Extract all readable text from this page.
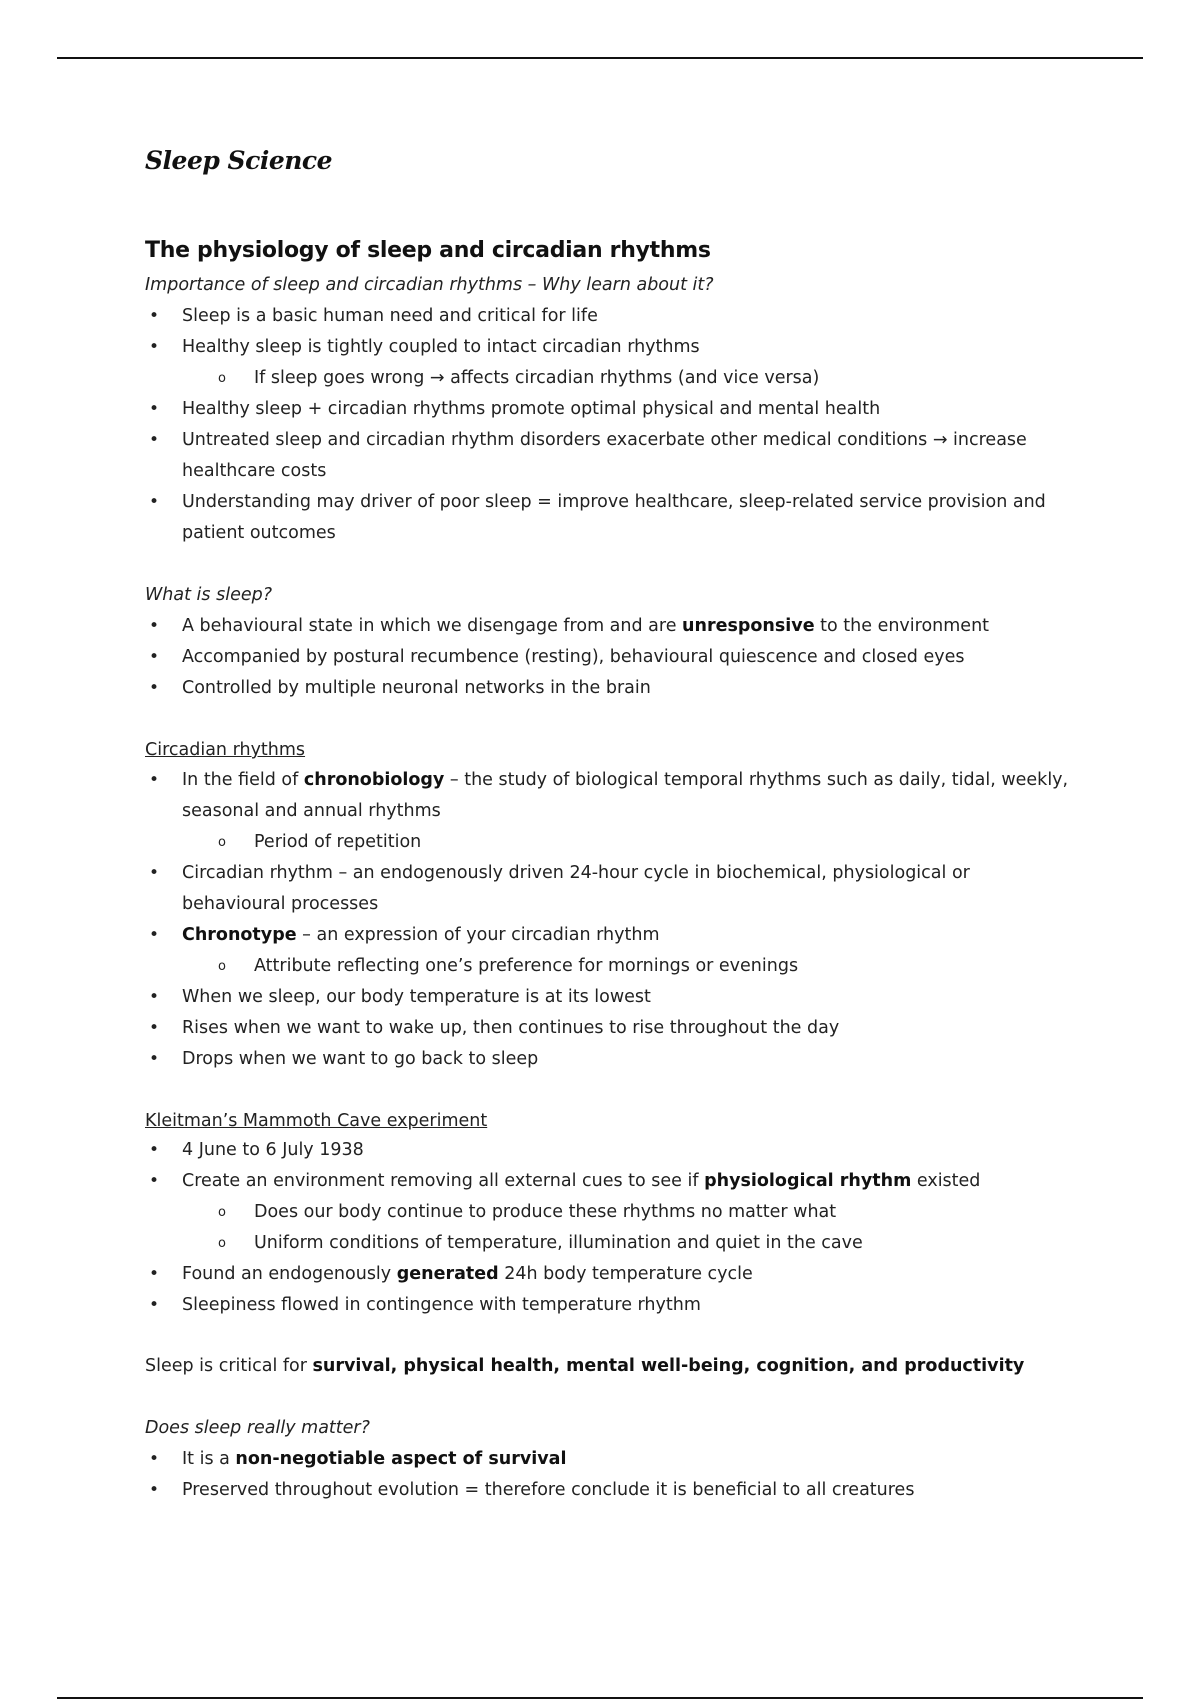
Sleep Science
The physiology of sleep and circadian rhythms
Importance of sleep and circadian rhythms – Why learn about it?
• Sleep is a basic human need and critical for life
• Healthy sleep is tightly coupled to intact circadian rhythms
o If sleep goes wrong → affects circadian rhythms (and vice versa)
• Healthy sleep + circadian rhythms promote optimal physical and mental health
• Untreated sleep and circadian rhythm disorders exacerbate other medical conditions → increase healthcare costs
• Understanding may driver of poor sleep = improve healthcare, sleep-related service provision and patient outcomes
What is sleep?
• A behavioural state in which we disengage from and are unresponsive to the environment
• Accompanied by postural recumbence (resting), behavioural quiescence and closed eyes
• Controlled by multiple neuronal networks in the brain
Circadian rhythms
• In the field of chronobiology – the study of biological temporal rhythms such as daily, tidal, weekly, seasonal and annual rhythms
o Period of repetition
• Circadian rhythm – an endogenously driven 24-hour cycle in biochemical, physiological or behavioural processes
• Chronotype – an expression of your circadian rhythm
o Attribute reflecting one’s preference for mornings or evenings
• When we sleep, our body temperature is at its lowest
• Rises when we want to wake up, then continues to rise throughout the day
• Drops when we want to go back to sleep
Kleitman’s Mammoth Cave experiment
• 4 June to 6 July 1938
• Create an environment removing all external cues to see if physiological rhythm existed
o Does our body continue to produce these rhythms no matter what
o Uniform conditions of temperature, illumination and quiet in the cave
• Found an endogenously generated 24h body temperature cycle
• Sleepiness flowed in contingence with temperature rhythm
Sleep is critical for survival, physical health, mental well-being, cognition, and productivity
Does sleep really matter?
• It is a non-negotiable aspect of survival
• Preserved throughout evolution = therefore conclude it is beneficial to all creatures
